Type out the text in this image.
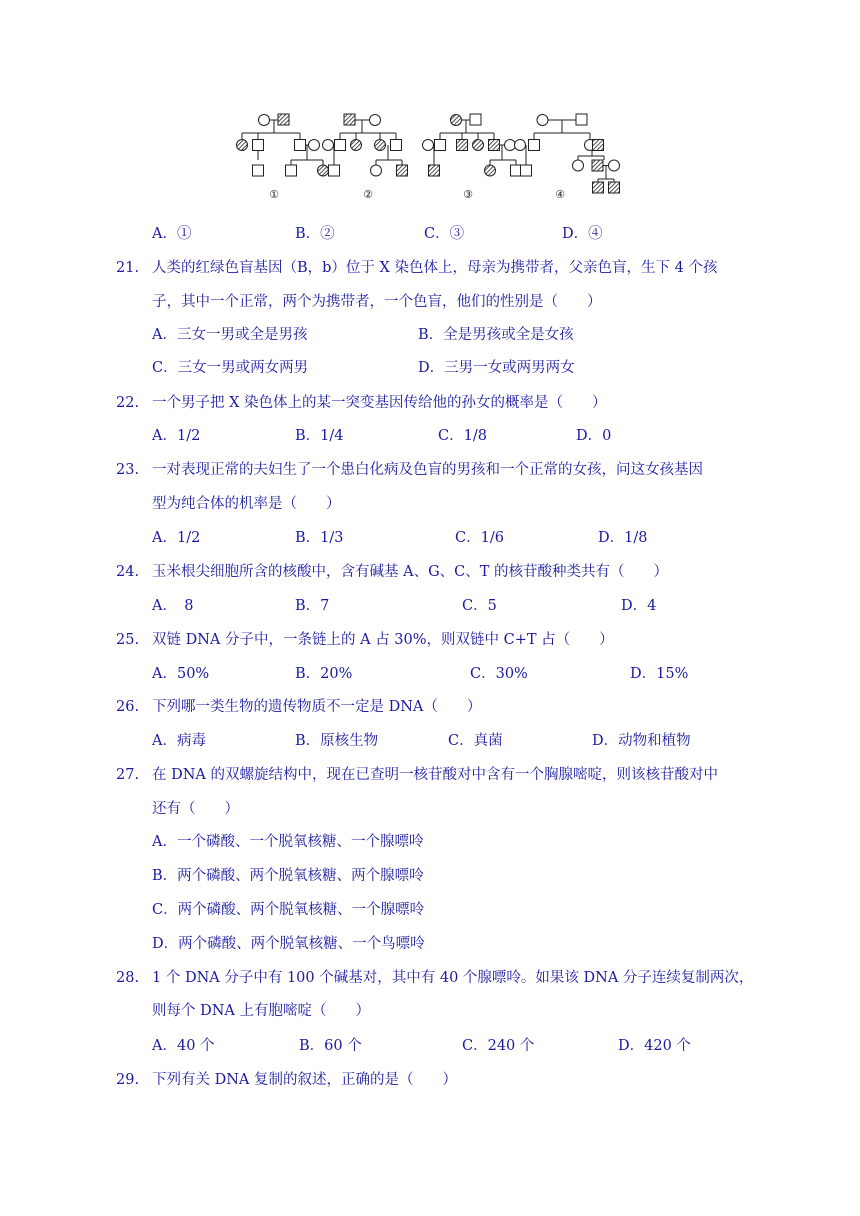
①	②	③	④
A．①	B．②	C．③	D．④
21. 人类的红绿色盲基因（B，b）位于 X 染色体上，母亲为携带者，父亲色盲，生下 4 个孩
子，其中一个正常，两个为携带者，一个色盲，他们的性别是（　　）
A．三女一男或全是男孩	B．全是男孩或全是女孩
C．三女一男或两女两男	D．三男一女或两男两女
22. 一个男子把 X 染色体上的某一突变基因传给他的孙女的概率是（　　）
A．1/2	B．1/4	C．1/8	D．0
23. 一对表现正常的夫妇生了一个患白化病及色盲的男孩和一个正常的女孩，问这女孩基因
型为纯合体的机率是（　　）
A．1/2	B．1/3	C．1/6	D．1/8
24. 玉米根尖细胞所含的核酸中，含有碱基 A、G、C、T 的核苷酸种类共有（　　）
A．　8	B．7	C．5	D．4
25. 双链 DNA 分子中，一条链上的 A 占 30%，则双链中 C+T 占（　　）
A．50%	B．20%	C．30%	D．15%
26. 下列哪一类生物的遗传物质不一定是 DNA（　　）
A．病毒	B．原核生物	C．真菌	D．动物和植物
27. 在 DNA 的双螺旋结构中，现在已查明一核苷酸对中含有一个胸腺嘧啶，则该核苷酸对中
还有（　　）
A．一个磷酸、一个脱氧核糖、一个腺嘌呤
B．两个磷酸、两个脱氧核糖、两个腺嘌呤
C．两个磷酸、两个脱氧核糖、一个腺嘌呤
D．两个磷酸、两个脱氧核糖、一个鸟嘌呤
28. 1 个 DNA 分子中有 100 个碱基对，其中有 40 个腺嘌呤。如果该 DNA 分子连续复制两次，
则每个 DNA 上有胞嘧啶（　　）
A．40 个	B．60 个	C．240 个	D．420 个
29. 下列有关 DNA 复制的叙述，正确的是（　　）
